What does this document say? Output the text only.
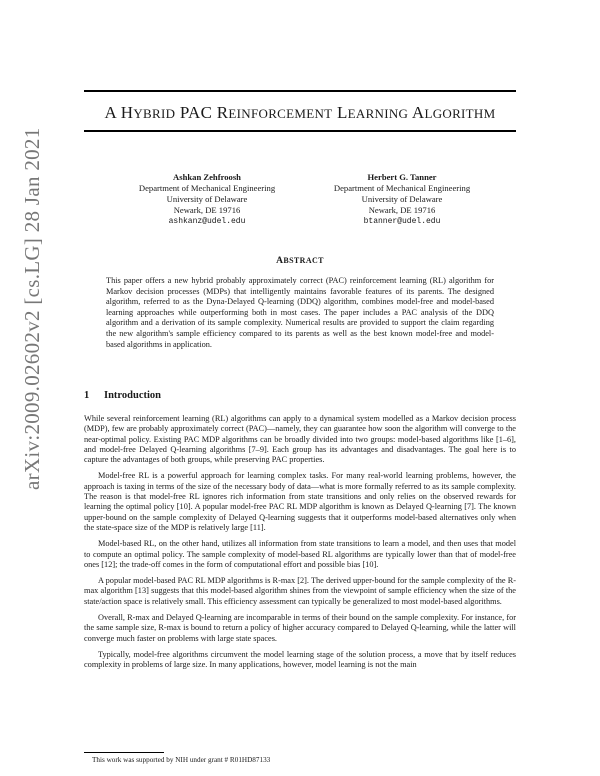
arXiv:2009.02602v2 [cs.LG] 28 Jan 2021
A HYBRID PAC REINFORCEMENT LEARNING ALGORITHM
Ashkan Zehfroosh
Department of Mechanical Engineering
University of Delaware
Newark, DE 19716
ashkanz@udel.edu
Herbert G. Tanner
Department of Mechanical Engineering
University of Delaware
Newark, DE 19716
btanner@udel.edu
ABSTRACT
This paper offers a new hybrid probably approximately correct (PAC) reinforcement learning (RL) algorithm for Markov decision processes (MDPs) that intelligently maintains favorable features of its parents. The designed algorithm, referred to as the Dyna-Delayed Q-learning (DDQ) algorithm, combines model-free and model-based learning approaches while outperforming both in most cases. The paper includes a PAC analysis of the DDQ algorithm and a derivation of its sample complexity. Numerical results are provided to support the claim regarding the new algorithm's sample efficiency compared to its parents as well as the best known model-free and model-based algorithms in application.
1 Introduction

While several reinforcement learning (RL) algorithms can apply to a dynamical system modelled as a Markov decision process (MDP), few are probably approximately correct (PAC)—namely, they can guarantee how soon the algorithm will converge to the near-optimal policy. Existing PAC MDP algorithms can be broadly divided into two groups: model-based algorithms like [1–6], and model-free Delayed Q-learning algorithms [7–9]. Each group has its advantages and disadvantages. The goal here is to capture the advantages of both groups, while preserving PAC properties.

Model-free RL is a powerful approach for learning complex tasks. For many real-world learning problems, however, the approach is taxing in terms of the size of the necessary body of data—what is more formally referred to as its sample complexity. The reason is that model-free RL ignores rich information from state transitions and only relies on the observed rewards for learning the optimal policy [10]. A popular model-free PAC RL MDP algorithm is known as Delayed Q-learning [7]. The known upper-bound on the sample complexity of Delayed Q-learning suggests that it outperforms model-based alternatives only when the state-space size of the MDP is relatively large [11].

Model-based RL, on the other hand, utilizes all information from state transitions to learn a model, and then uses that model to compute an optimal policy. The sample complexity of model-based RL algorithms are typically lower than that of model-free ones [12]; the trade-off comes in the form of computational effort and possible bias [10].

A popular model-based PAC RL MDP algorithms is R-max [2]. The derived upper-bound for the sample complexity of the R-max algorithm [13] suggests that this model-based algorithm shines from the viewpoint of sample efficiency when the size of the state/action space is relatively small. This efficiency assessment can typically be generalized to most model-based algorithms.

Overall, R-max and Delayed Q-learning are incomparable in terms of their bound on the sample complexity. For instance, for the same sample size, R-max is bound to return a policy of higher accuracy compared to Delayed Q-learning, while the latter will converge much faster on problems with large state spaces.

Typically, model-free algorithms circumvent the model learning stage of the solution process, a move that by itself reduces complexity in problems of large size. In many applications, however, model learning is not the main

This work was supported by NIH under grant # R01HD87133
